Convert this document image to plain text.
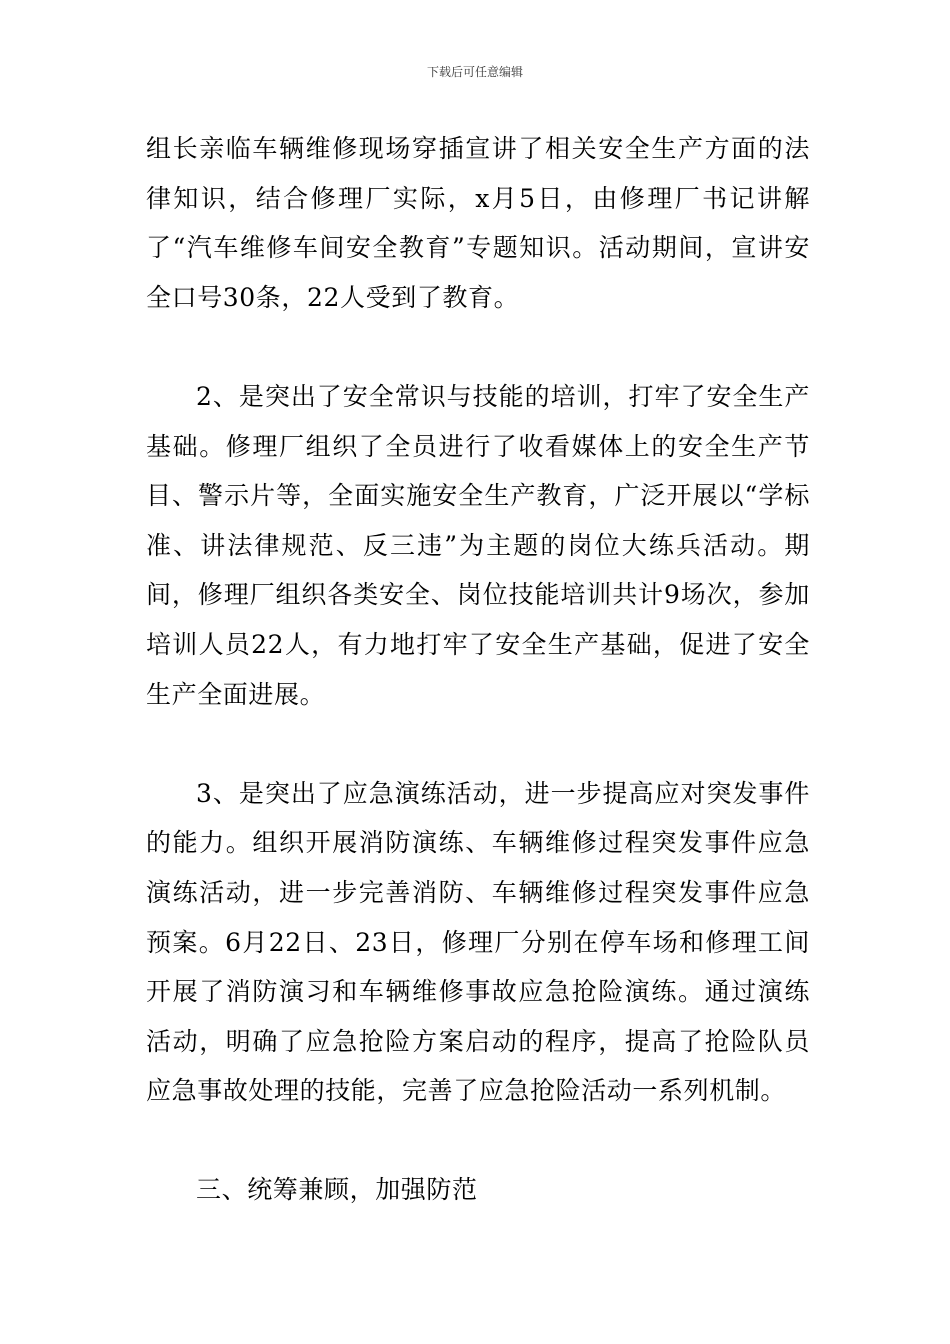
下载后可任意编辑

组长亲临车辆维修现场穿插宣讲了相关安全生产方面的法律知识，结合修理厂实际，x月5日，由修理厂书记讲解了“汽车维修车间安全教育”专题知识。活动期间，宣讲安全口号30条，22人受到了教育。

2、是突出了安全常识与技能的培训，打牢了安全生产基础。修理厂组织了全员进行了收看媒体上的安全生产节目、警示片等，全面实施安全生产教育，广泛开展以“学标准、讲法律规范、反三违”为主题的岗位大练兵活动。期间，修理厂组织各类安全、岗位技能培训共计9场次，参加培训人员22人，有力地打牢了安全生产基础，促进了安全生产全面进展。

3、是突出了应急演练活动，进一步提高应对突发事件的能力。组织开展消防演练、车辆维修过程突发事件应急演练活动，进一步完善消防、车辆维修过程突发事件应急预案。6月22日、23日，修理厂分别在停车场和修理工间开展了消防演习和车辆维修事故应急抢险演练。通过演练活动，明确了应急抢险方案启动的程序，提高了抢险队员应急事故处理的技能，完善了应急抢险活动一系列机制。

三、统筹兼顾，加强防范
